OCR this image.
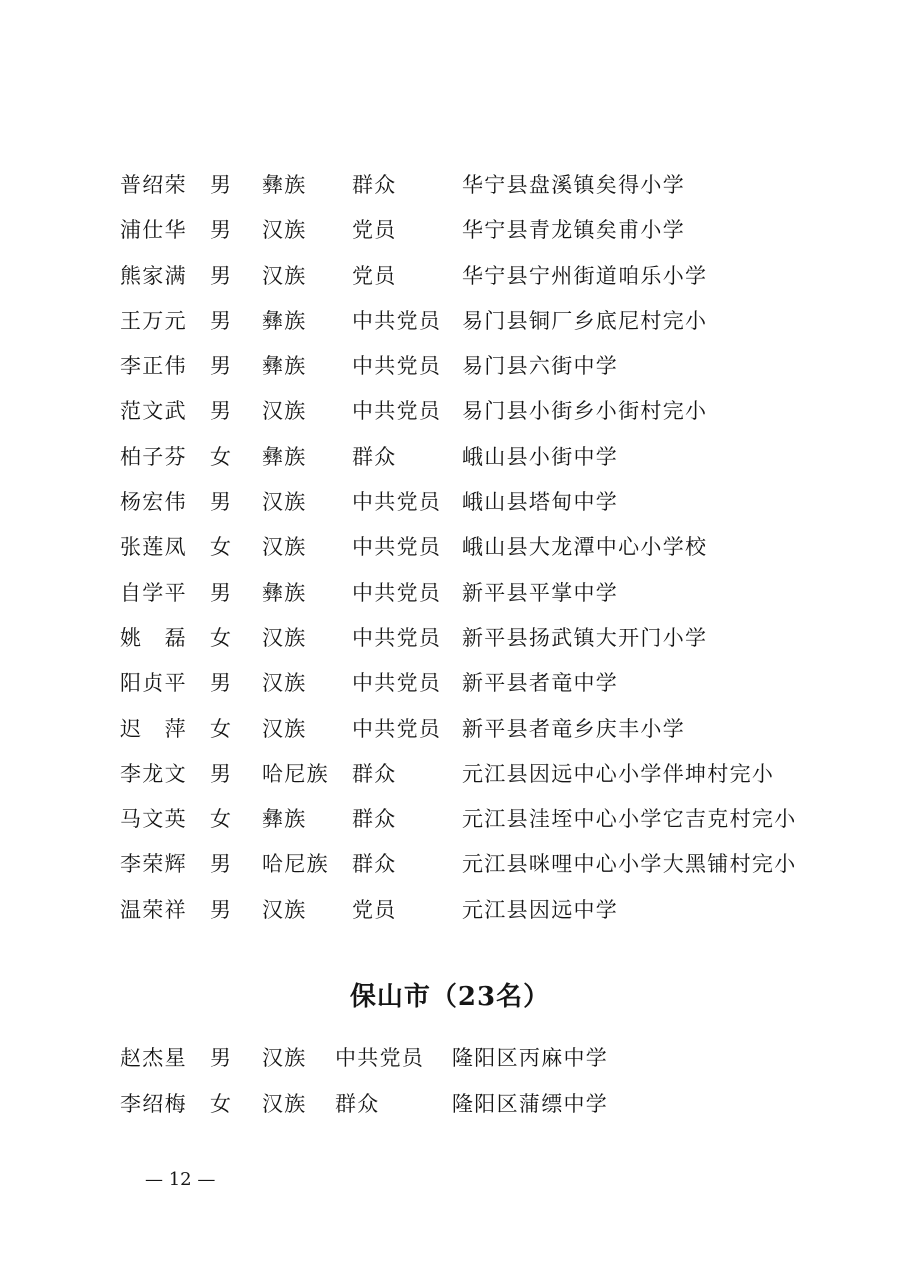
普绍荣	男	彝族	群众	华宁县盘溪镇矣得小学
浦仕华	男	汉族	党员	华宁县青龙镇矣甫小学
熊家满	男	汉族	党员	华宁县宁州街道咱乐小学
王万元	男	彝族	中共党员 易门县铜厂乡底尼村完小
李正伟	男	彝族	中共党员 易门县六街中学
范文武	男	汉族	中共党员 易门县小街乡小街村完小
柏子芬	女	彝族	群众	峨山县小街中学
杨宏伟	男	汉族	中共党员 峨山县塔甸中学
张莲凤	女	汉族	中共党员 峨山县大龙潭中心小学校
自学平	男	彝族	中共党员 新平县平掌中学
姚　磊	女	汉族	中共党员 新平县扬武镇大开门小学
阳贞平	男	汉族	中共党员 新平县者竜中学
迟　萍	女	汉族	中共党员 新平县者竜乡庆丰小学
李龙文	男	哈尼族	群众	元江县因远中心小学伴坤村完小
马文英	女	彝族	群众	元江县洼垤中心小学它吉克村完小
李荣辉	男	哈尼族	群众	元江县咪哩中心小学大黑铺村完小
温荣祥	男	汉族	党员	元江县因远中学
保山市（23名）
赵杰星	男	汉族	中共党员	隆阳区丙麻中学
李绍梅	女	汉族	群众	隆阳区蒲缥中学
— 12 —
